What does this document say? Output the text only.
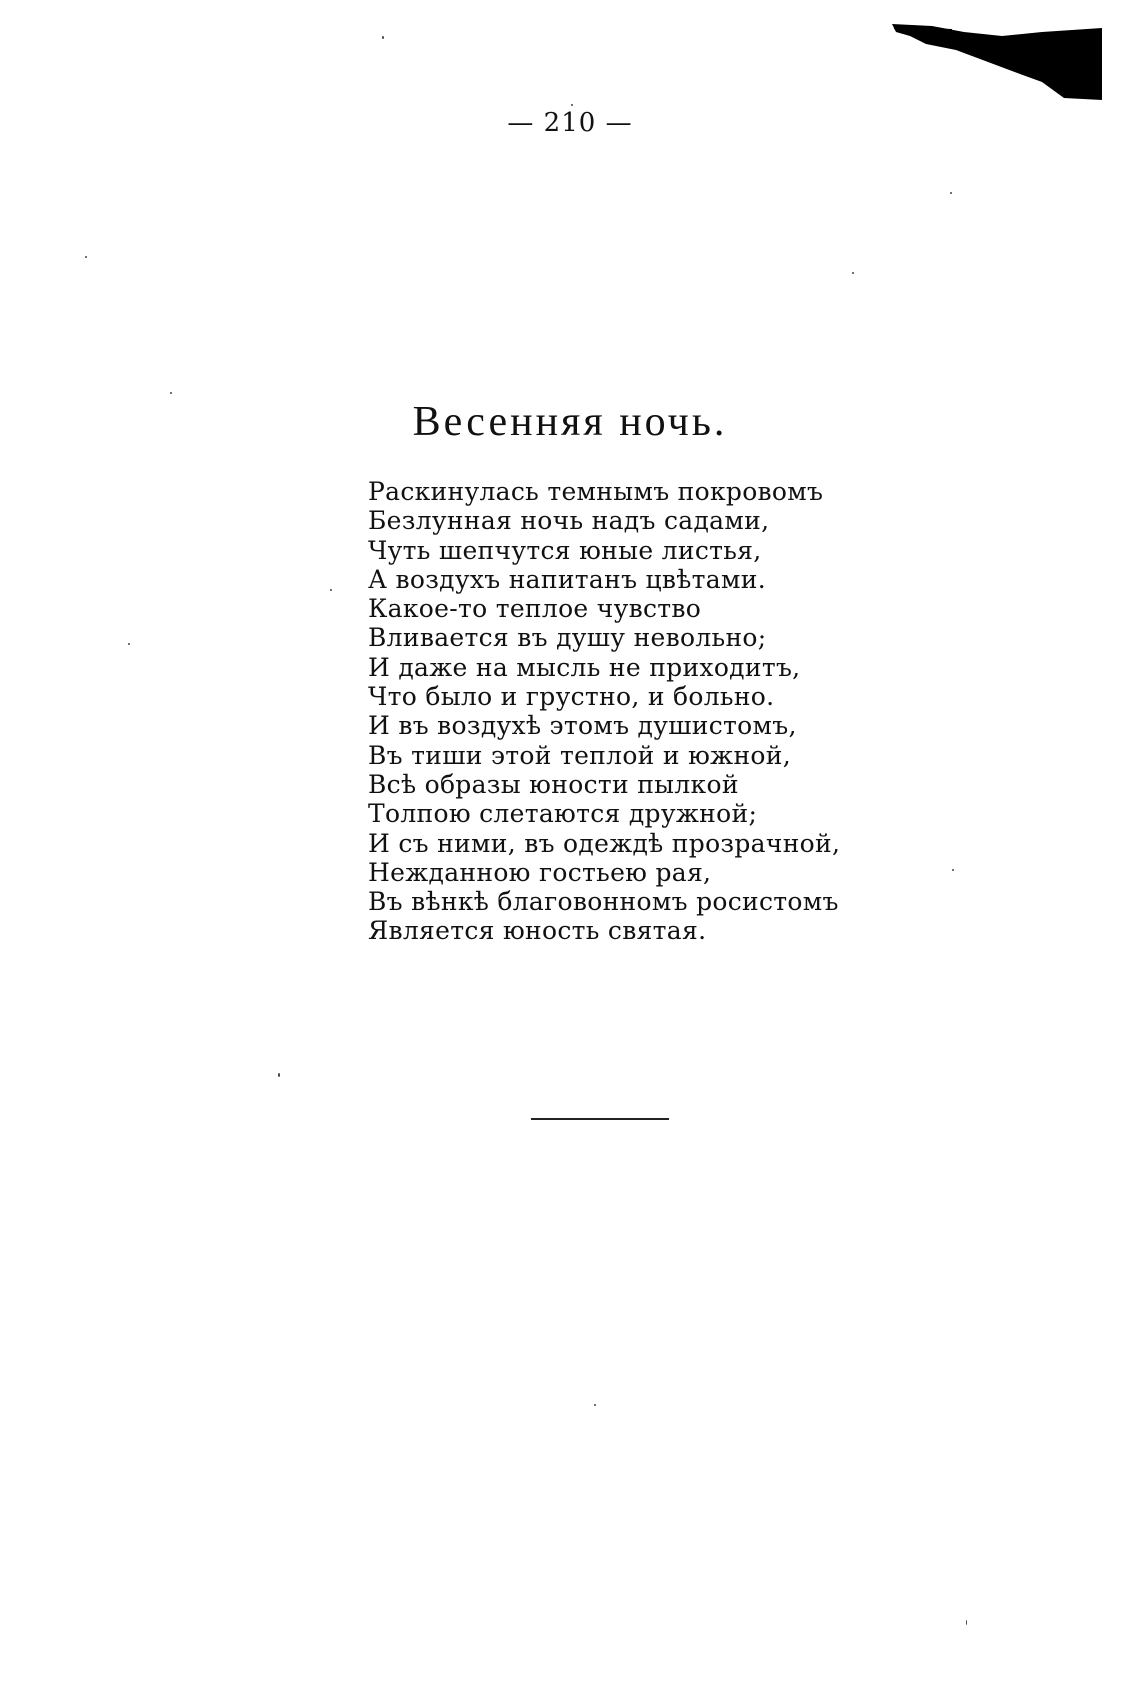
— 210 —
Весенняя ночь.
Раскинулась темнымъ покровомъ
Безлунная ночь надъ садами,
Чуть шепчутся юные листья,
А воздухъ напитанъ цвѣтами.
Какое-то теплое чувство
Вливается въ душу невольно;
И даже на мысль не приходитъ,
Что было и грустно, и больно.
И въ воздухѣ этомъ душистомъ,
Въ тиши этой теплой и южной,
Всѣ образы юности пылкой
Толпою слетаются дружной;
И съ ними, въ одеждѣ прозрачной,
Нежданною гостьею рая,
Въ вѣнкѣ благовонномъ росистомъ
Является юность святая.
